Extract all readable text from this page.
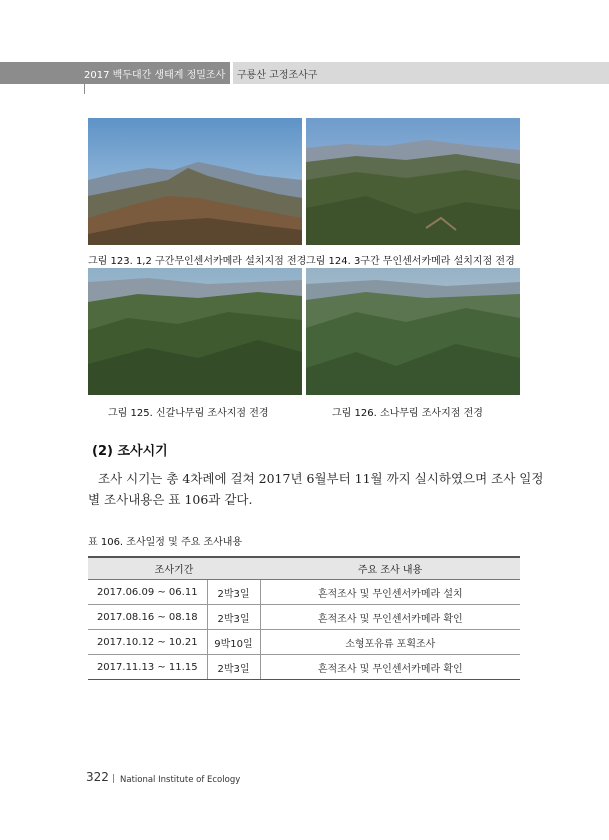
2017 백두대간 생태계 정밀조사 구룡산 고정조사구
그림 123. 1,2 구간무인센서카메라 설치지점 전경 그림 124. 3구간 무인센서카메라 설치지점 전경
그림 125. 신갈나무림 조사지점 전경	그림 126. 소나무림 조사지점 전경
(2) 조사시기
조사 시기는 총 4차례에 걸쳐 2017년 6월부터 11월 까지 실시하였으며 조사 일정
별 조사내용은 표 106과 같다.
표 106. 조사일정 및 주요 조사내용
조사기간		주요 조사 내용
2017.06.09 ~ 06.11	2박3일	흔적조사 및 무인센서카메라 설치
2017.08.16 ~ 08.18	2박3일	흔적조사 및 무인센서카메라 확인
2017.10.12 ~ 10.21	9박10일	소형포유류 포획조사
2017.11.13 ~ 11.15	2박3일	흔적조사 및 무인센서카메라 확인
322 | National Institute of Ecology
